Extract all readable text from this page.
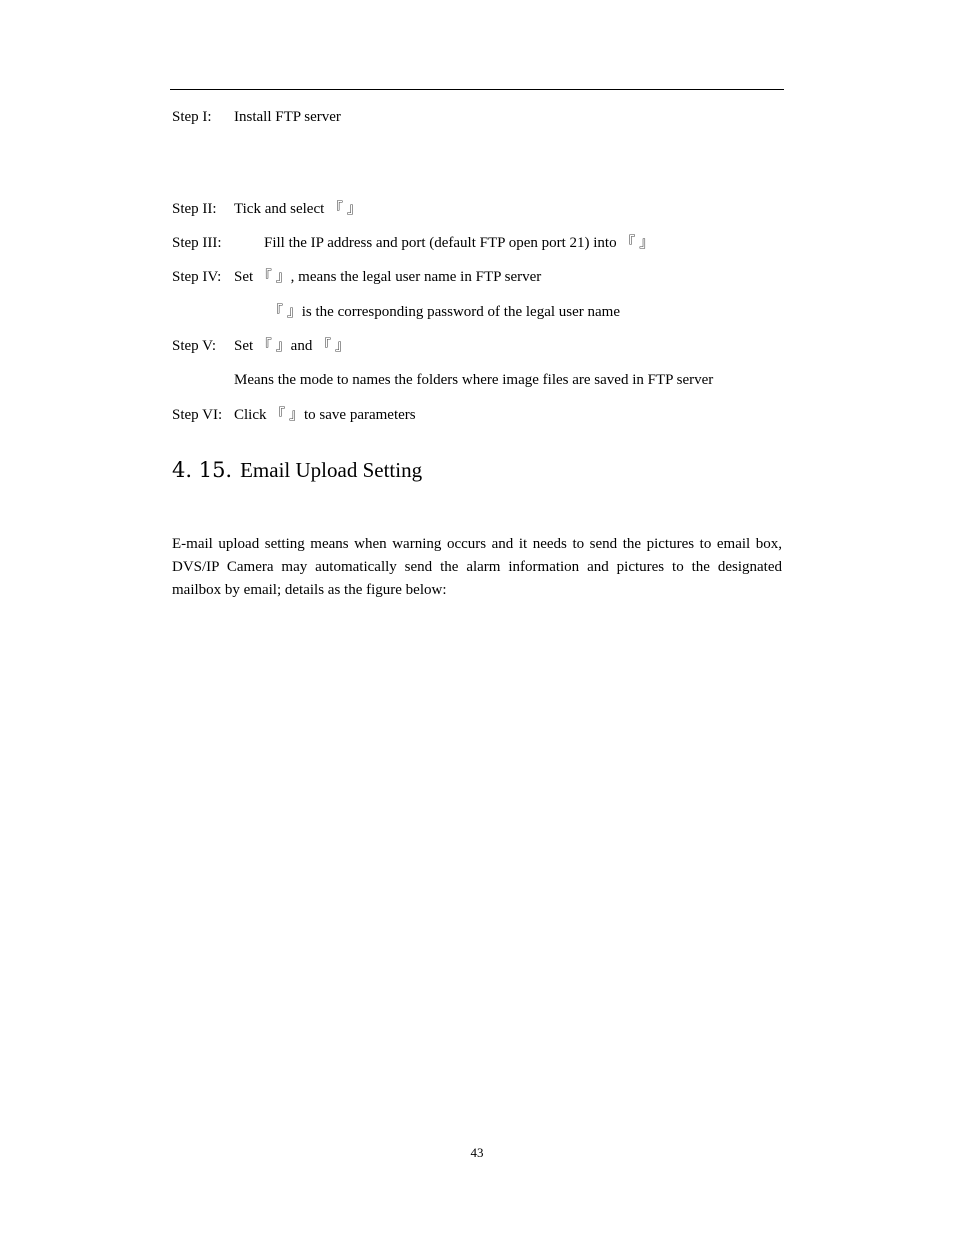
Step I: Install FTP server
Step II: Tick and select 『 』
Step III:	Fill the IP address and port (default FTP open port 21) into 『 』
Step IV: Set 『 』, means the legal user name in FTP server
『 』is the corresponding password of the legal user name
Step V: Set 『 』and 『 』
Means the mode to names the folders where image files are saved in FTP server
Step VI: Click 『 』to save parameters
4. 15. Email Upload Setting
E-mail upload setting means when warning occurs and it needs to send the pictures to email box, DVS/IP Camera may automatically send the alarm information and pictures to the designated mailbox by email; details as the figure below:
43
